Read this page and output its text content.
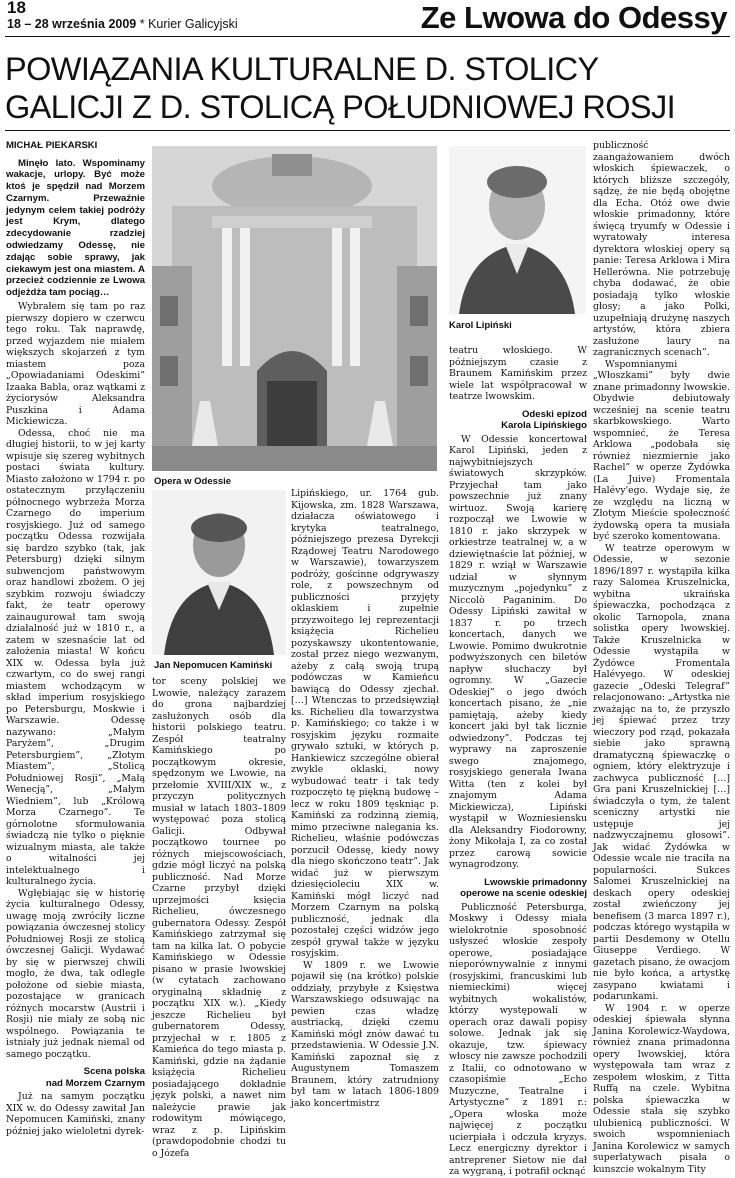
18
18 – 28 września 2009 * Kurier Galicyjski	Ze Lwowa do Odessy
POWIĄZANIA KULTURALNE D. STOLICY
GALICJI Z D. STOLICĄ POŁUDNIOWEJ ROSJI
MICHAŁ PIEKARSKI

Minęło lato. Wspominamy wakacje, urlopy. Być może ktoś je spędził nad Morzem Czarnym. Przewaźnie jedynym celem takiej podróży jest Krym, dlatego zdecydowanie rzadziej odwiedzamy Odessę, nie zdając sobie sprawy, jak ciekawym jest ona miastem. A przecież codziennie ze Lwowa odjeżdża tam pociąg…

Wybrałem się tam po raz pierwszy dopiero w czerwcu tego roku. Tak naprawdę, przed wyjazdem nie miałem większych skojarzeń z tym miastem poza „Opowiadaniami Odeskimi” Izaaka Babla, oraz wątkami z życiorysów Aleksandra Puszkina i Adama Mickiewicza.

Odessa, choć nie ma długiej historii, to w jej karty wpisuje się szereg wybitnych postaci świata kultury. Miasto założono w 1794 r. po ostatecznym przyłączeniu północnego wybrzeża Morza Czarnego do imperium rosyjskiego. Już od samego początku Odessa rozwijała się bardzo szybko (tak, jak Petersburg) dzięki silnym subwencjom państwowym oraz handlowi zbożem. O jej szybkim rozwoju świadczy fakt, że teatr operowy zainaugurował tam swoją działalność już w 1810 r., a zatem w szesnaście lat od założenia miasta! W końcu XIX w. Odessa była już czwartym, co do swej rangi miastem wchodzącym w skład imperium rosyjskiego po Petersburgu, Moskwie i Warszawie. Odessę nazywano: „Małym Paryżem”, „Drugim Petersburgiem”, „Złotym Miastem”, „Stolicą Południowej Rosji”, „Małą Wenecją”, „Małym Wiedniem”, lub „Królową Morza Czarnego”. Te górnolotne sformułowania świadczą nie tylko o pięknie wizualnym miasta, ale także o witalności jej intelektualnego i kulturalnego życia.

Wgłębiając się w historię życia kulturalnego Odessy, uwagę moją zwróciły liczne powiązania ówczesnej stolicy Południowej Rosji ze stolicą ówczesnej Galicji. Wydawać by się w pierwszej chwili mogło, że dwa, tak odległe położone od siebie miasta, pozostające w granicach różnych mocarstw (Austrii i Rosji) nie miały ze sobą nic wspólnego. Powiązania te istniały już jednak niemal od samego początku.

Scena polska
nad Morzem Czarnym

Już na samym początku XIX w. do Odessy zawitał Jan Nepomucen Kamiński, znany później jako wieloletni dyrek-

Opera w Odessie
Jan Nepomucen Kamiński

tor sceny polskiej we Lwowie, należący zarazem do grona najbardziej zasłużonych osób dla historii polskiego teatru. Zespół teatralny Kamińskiego po początkowym okresie, spędzonym we Lwowie, na przełomie XVIII/XIX w., z przyczyn politycznych musiał w latach 1803–1809 występować poza stolicą Galicji. Odbywał początkowo tournee po różnych miejscowościach, gdzie mógł liczyć na polską publiczność. Nad Morze Czarne przybył dzięki uprzejmości księcia Richelieu, ówczesnego gubernatora Odessy. Zespół Kamińskiego zatrzymał się tam na kilka lat. O pobycie Kamińskiego w Odessie pisano w prasie lwowskiej (w cytatach zachowano oryginalną składnię z początku XIX w.). „Kiedy jeszcze Richelieu był gubernatorem Odessy, przyjechał w r. 1805 z Kamieńca do tego miasta p. Kamiński, gdzie na żądanie książęcia Richelieu posiadającego dokładnie język polski, a nawet nim należycie prawie jak rodowitym mówiącego, wraz z p. Lipińskim (prawdopodobnie chodzi tu o Józefa

Lipińskiego, ur. 1764 gub. Kijowska, zm. 1828 Warszawa, działacza oświatowego i krytyka teatralnego, późniejszego prezesa Dyrekcji Rządowej Teatru Narodowego w Warszawie), towarzyszem podróży, gościnne odgrywaszy role, z powszechnym od publiczności przyjęty oklaskiem i zupełnie przyzwoitego lej reprezentacji książęcia Richelieu pozyskawszy ukontentowanie, został przez niego wezwanym, ażeby z całą swoją trupą podówczas w Kamieńcu bawiącą do Odessy zjechał. […] Wtenczas to przedsięwziął ks. Richelieu dla towarzystwa p. Kamińskiego; co także i w rosyjskim języku rozmaite grywało sztuki, w których p. Hankiewicz szczególne obierał zwykle oklaski, nowy wybudować teatr i tak tedy rozpoczęto tę piękną budowę – lecz w roku 1809 tęskniąc p. Kamiński za rodzinną ziemią, mimo przeciwne nalegania ks. Richelieu, właśnie podówczas porzucił Odessę, kiedy nowy dla niego skończono teatr”. Jak widać już w pierwszym dziesięcioleciu XIX w. Kamiński mógł liczyć nad Morzem Czarnym na polską publiczność, jednak dla pozostałej części widzów jego zespół grywał także w języku rosyjskim.

W 1809 r. we Lwowie pojawił się (na krótko) polskie oddziały, przybyłe z Księstwa Warszawskiego odsuwając na pewien czas władzę austriacką, dzięki czemu Kamiński mógł znów dawać tu przedstawienia. W Odessie J.N. Kamiński zapoznał się z Augustynem Tomaszem Braunem, który zatrudniony był tam w latach 1806-1809 jako koncertmistrz

Karol Lipiński

teatru włoskiego. W późniejszym czasie z Braunem Kamińskim przez wiele lat współpracował w teatrze lwowskim.

Odeski epizod
Karola Lipińskiego

W Odessie koncertował Karol Lipiński, jeden z najwybitniejszych światowych skrzypków. Przyjechał tam jako powszechnie już znany wirtuoz. Swoją karierę rozpoczął we Lwowie w 1810 r. jako skrzypek w orkiestrze teatralnej w, a w dziewiętnaście lat później, w 1829 r. wziął w Warszawie udział w słynnym muzycznym „pojedynku” z Niccolò Paganinim. Do Odessy Lipiński zawitał w 1837 r. po trzech koncertach, danych we Lwowie. Pomimo dwukrotnie podwyższonych cen biletów napływ słuchaczy był ogromny. W „Gazecie Odeskiej” o jego dwóch koncertach pisano, że „nie pamiętają, ażeby kiedy koncert jaki był tak licznie odwiedzony”. Podczas tej wyprawy na zaproszenie swego znajomego, rosyjskiego generała Iwana Witta (ten z kolei był znajomym Adama Mickiewicza), Lipiński wystąpił w Wozniesiensku dla Aleksandry Fiodorowny, żony Mikołaja I, za co został przez carową sowicie wynagrodzony.

Lwowskie primadonny
operowe na scenie odeskiej

Publiczność Petersburga, Moskwy i Odessy miała wielokrotnie sposobność usłyszeć włoskie zespoły operowe, posiadające nieporównywalnie z innymi (rosyjskimi, francuskimi lub niemieckimi) więcej wybitnych wokalistów, którzy występowali w operach oraz dawali popisy solowe. Jednak jak się okazuje, tzw. śpiewacy włoscy nie zawsze pochodzili z Italii, co odnotowano w czasopiśmie „Echo Muzyczne, Teatralne i Artystyczne” z 1891 r.: „Opera włoska może najwięcej z początku ucierpiała i odczuła kryzys. Lecz energiczny dyrektor i antreprener Sietow nie dał za wygraną, i potrafił ocknąć

publiczność zaangażowaniem dwóch włoskich śpiewaczek, o których bliższe szczegóły, sądzę, że nie będą obojętne dla Echa. Otóż owe dwie włoskie primadonny, które święcą tryumfy w Odessie i wyratowały interesa dyrektora włoskiej opery są panie: Teresa Arklowa i Mira Hellerówna. Nie potrzebuję chyba dodawać, że obie posiadają tylko włoskie głosy; a jako Polki, uzupełniają drużynę naszych artystów, która zbiera zasłużone laury na zagranicznych scenach”.

Wspomnianymi „Włoszkami” były dwie znane primadonny lwowskie. Obydwie debiutowały wcześniej na scenie teatru skarbkowskiego. Warto wspomnieć, że Teresa Arklowa „podobała się również niezmiernie jako Rachel” w operze Żydówka (La Juive) Fromentala Halévy'ego. Wydaje się, że ze względu na liczną w Złotym Mieście społeczność żydowską opera ta musiała być szeroko komentowana.

W teatrze operowym w Odessie, w sezonie 1896/1897 r. wystąpiła kilka razy Salomea Kruszelnicka, wybitna ukraińska śpiewaczka, pochodząca z okolic Tarnopola, znana solistka opery lwowskiej. Także Kruszelnicka w Odessie wystąpiła w Żydówce Fromentala Halévyego. W odeskiej gazecie „Odeski Telegraf” relacjonowano: „Artystka nie zważając na to, że przyszło jej śpiewać przez trzy wieczory pod rząd, pokazała siebie jako sprawną dramatyczną śpiewaczkę o ogniem, który elektryzuje i zachwyca publiczność […] Gra pani Kruszelnickiej […] świadczyła o tym, że talent sceniczny artystki nie ustępuje jej nadzwyczajnemu głosowi”. Jak widać Żydówka w Odessie wcale nie traciła na popularności. Sukces Salomei Kruszelnickiej na deskach opery odeskiej został zwieńczony jej benefisem (3 marca 1897 r.), podczas którego wystąpiła w partii Desdemony w Otellu Giuseppe Verdiego. W gazetach pisano, że owacjom nie było końca, a artystkę zasypano kwiatami i podarunkami.

W 1904 r. w operze odeskiej śpiewała słynna Janina Korolewicz-Waydowa, również znana primadonna opery lwowskiej, która występowała tam wraz z zespołem włoskim, z Titta Ruffą na czele. Wybitna polska śpiewaczka w Odessie stała się szybko ulubienicą publiczności. W swoich wspomnieniach Janina Korolewicz w samych superlatywach pisała o kunszcie wokalnym Tity
